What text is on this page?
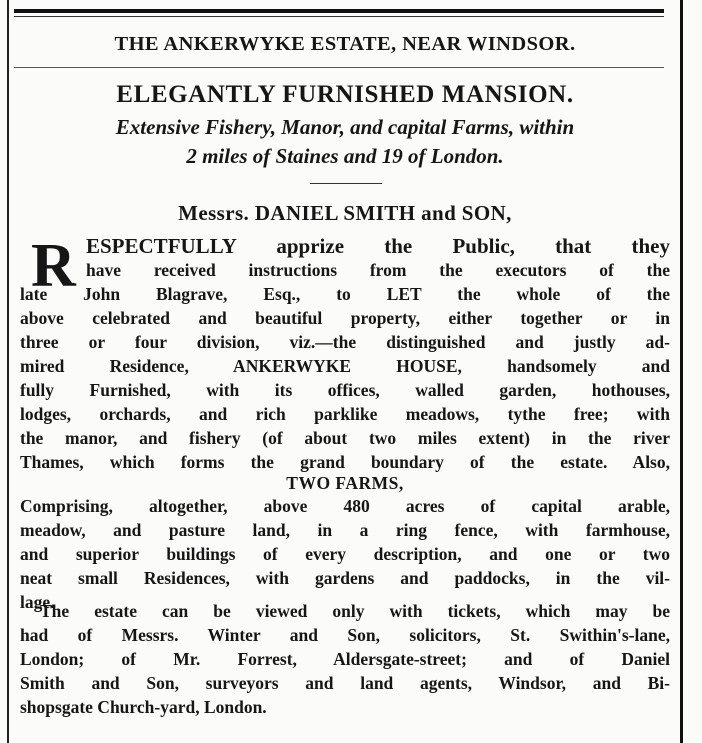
THE ANKERWYKE ESTATE, NEAR WINDSOR.
ELEGANTLY FURNISHED MANSION.
Extensive Fishery, Manor, and capital Farms, within
2 miles of Staines and 19 of London.
Messrs. DANIEL SMITH and SON,
R ESPECTFULLY apprize the Public, that they
have received instructions from the executors of the
late John Blagrave, Esq., to LET the whole of the
above celebrated and beautiful property, either together or in
three or four division, viz.—the distinguished and justly ad-
mired Residence, ANKERWYKE HOUSE, handsomely and
fully Furnished, with its offices, walled garden, hothouses,
lodges, orchards, and rich parklike meadows, tythe free; with
the manor, and fishery (of about two miles extent) in the river
Thames, which forms the grand boundary of the estate. Also,
TWO FARMS,
Comprising, altogether, above 480 acres of capital arable,
meadow, and pasture land, in a ring fence, with farmhouse,
and superior buildings of every description, and one or two
neat small Residences, with gardens and paddocks, in the vil-
lage.
The estate can be viewed only with tickets, which may be
had of Messrs. Winter and Son, solicitors, St. Swithin's-lane,
London; of Mr. Forrest, Aldersgate-street; and of Daniel
Smith and Son, surveyors and land agents, Windsor, and Bi-
shopsgate Church-yard, London.
